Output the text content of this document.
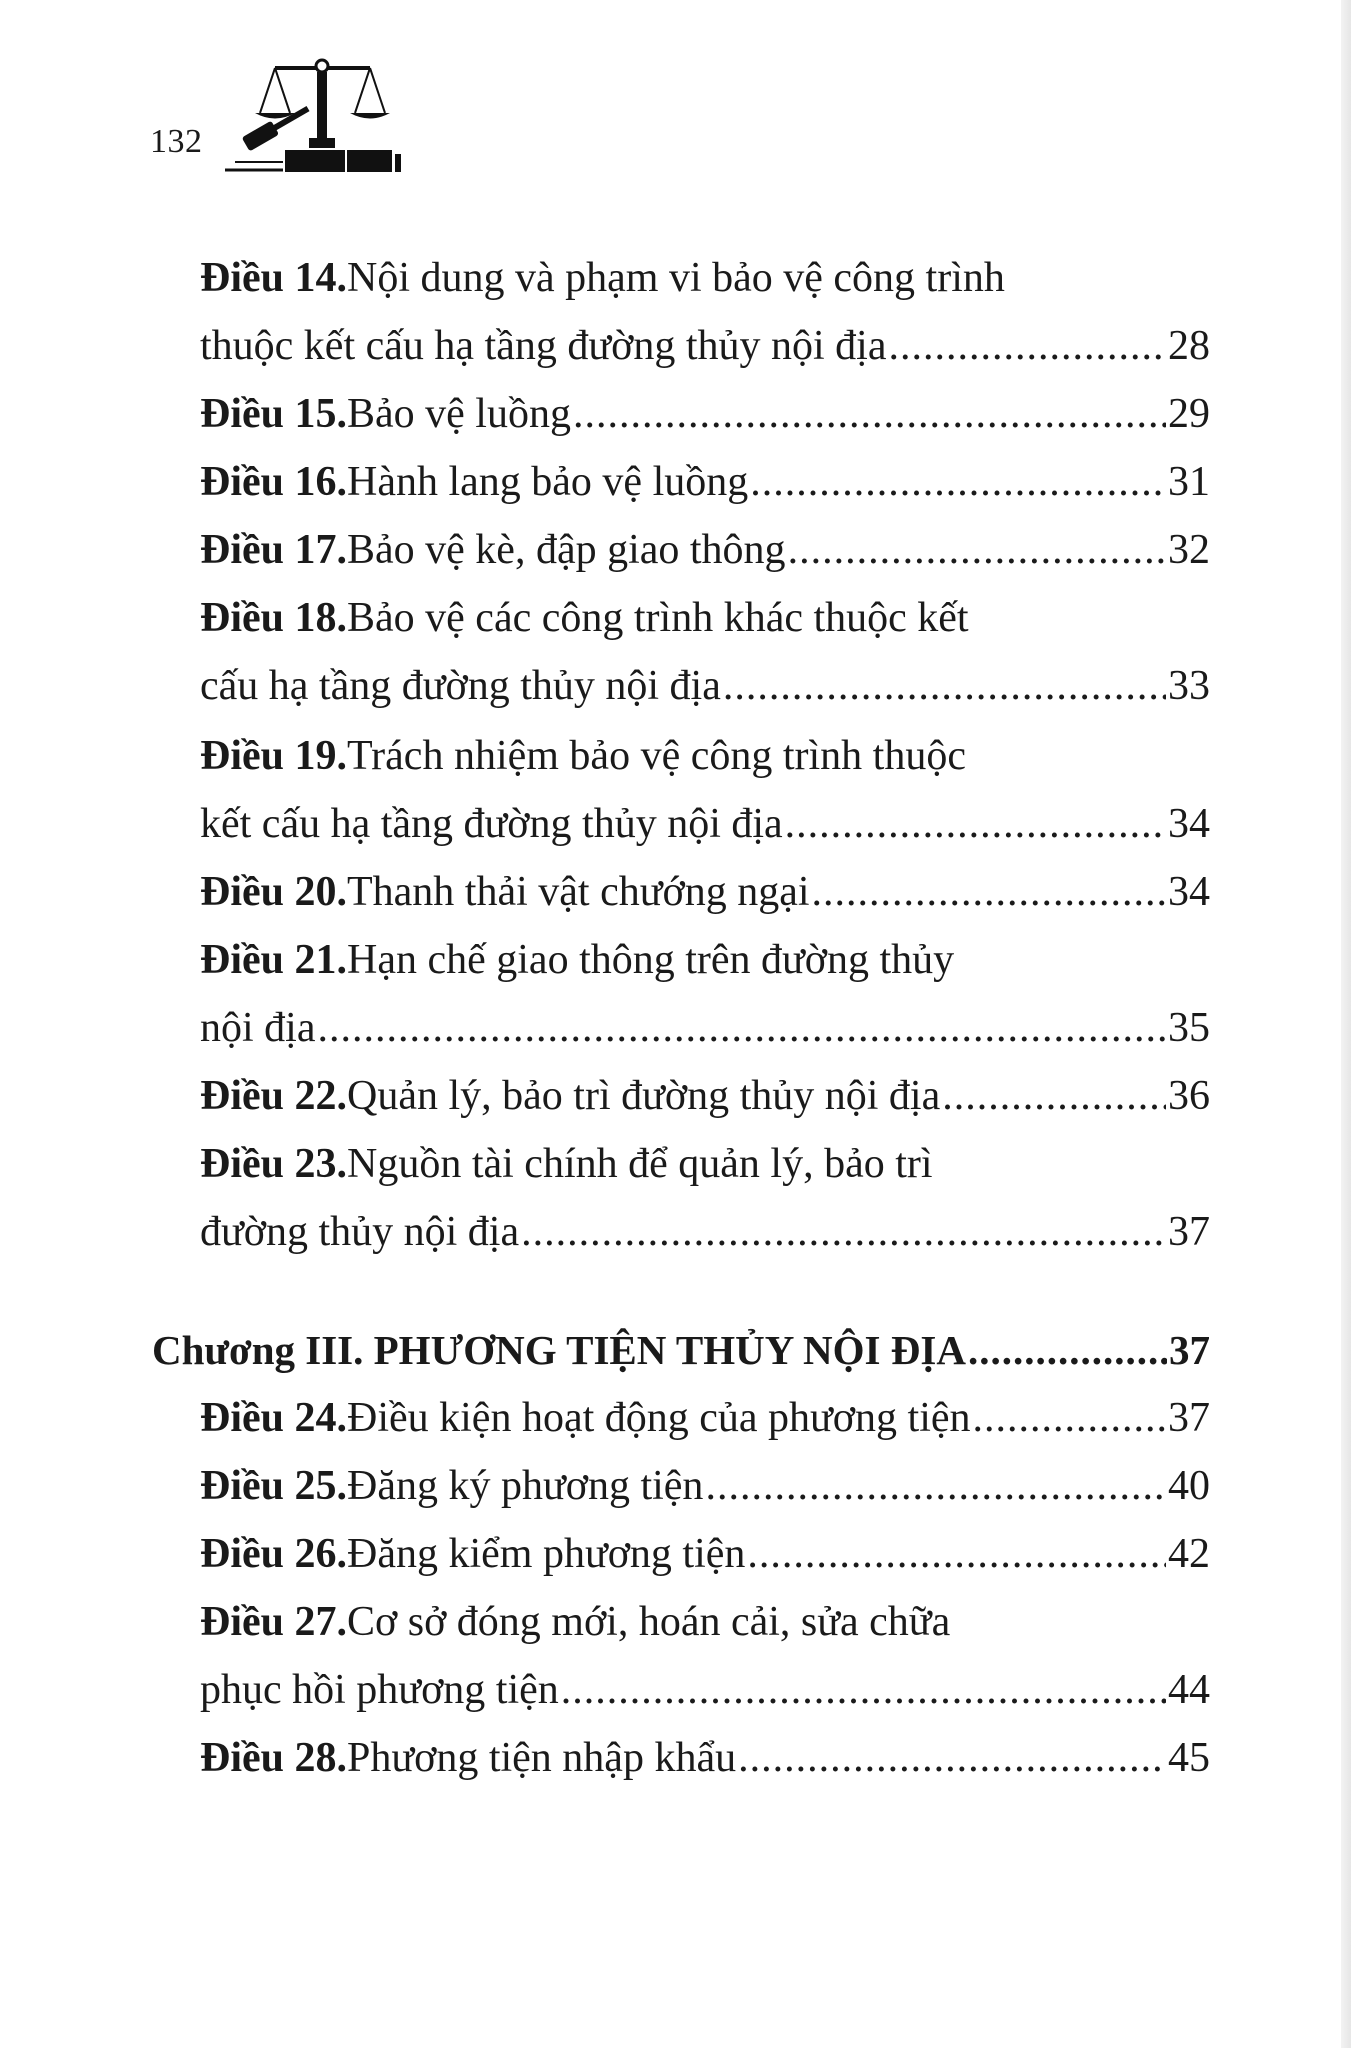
132
Điều 14. Nội dung và phạm vi bảo vệ công trình
thuộc kết cấu hạ tầng đường thủy nội địa .....	28
Điều 15. Bảo vệ luồng .....	29
Điều 16. Hành lang bảo vệ luồng .....	31
Điều 17. Bảo vệ kè, đập giao thông .....	32
Điều 18. Bảo vệ các công trình khác thuộc kết
cấu hạ tầng đường thủy nội địa .....	33
Điều 19. Trách nhiệm bảo vệ công trình thuộc
kết cấu hạ tầng đường thủy nội địa .....	34
Điều 20. Thanh thải vật chướng ngại .....	34
Điều 21. Hạn chế giao thông trên đường thủy
nội địa .....	35
Điều 22. Quản lý, bảo trì đường thủy nội địa .....	36
Điều 23. Nguồn tài chính để quản lý, bảo trì
đường thủy nội địa .....	37
Chương III. PHƯƠNG TIỆN THỦY NỘI ĐỊA .....	37
Điều 24. Điều kiện hoạt động của phương tiện .....	37
Điều 25. Đăng ký phương tiện .....	40
Điều 26. Đăng kiểm phương tiện .....	42
Điều 27. Cơ sở đóng mới, hoán cải, sửa chữa
phục hồi phương tiện .....	44
Điều 28. Phương tiện nhập khẩu .....	45
